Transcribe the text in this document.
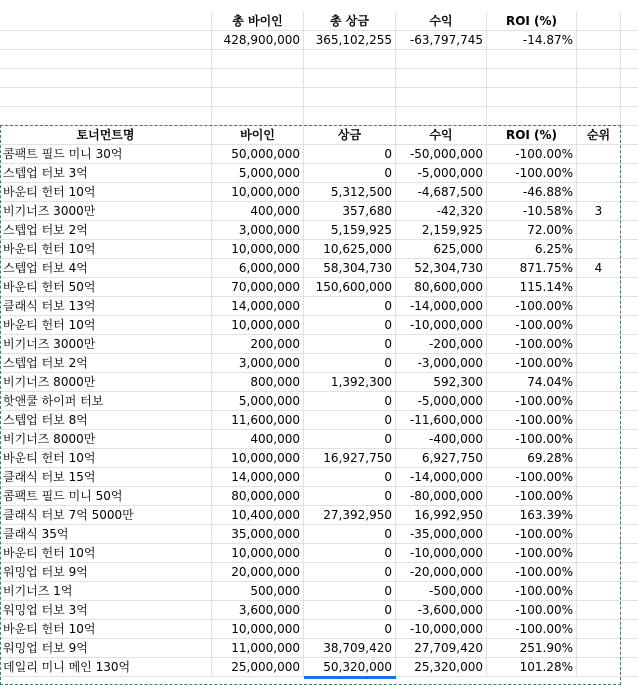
총 바이인	총 상금	수익	ROI (%)
428,900,000	365,102,255	-63,797,745	-14.87%
토너먼트명	바이인	상금	수익	ROI (%)	순위
콤팩트 필드 미니 30억	50,000,000	0	-50,000,000	-100.00%
스텝업 터보 3억	5,000,000	0	-5,000,000	-100.00%
바운티 헌터 10억	10,000,000	5,312,500	-4,687,500	-46.88%
비기너즈 3000만	400,000	357,680	-42,320	-10.58%	3
스텝업 터보 2억	3,000,000	5,159,925	2,159,925	72.00%
바운티 헌터 10억	10,000,000	10,625,000	625,000	6.25%
스텝업 터보 4억	6,000,000	58,304,730	52,304,730	871.75%	4
바운티 헌터 50억	70,000,000	150,600,000	80,600,000	115.14%
클래식 터보 13억	14,000,000	0	-14,000,000	-100.00%
바운티 헌터 10억	10,000,000	0	-10,000,000	-100.00%
비기너즈 3000만	200,000	0	-200,000	-100.00%
스텝업 터보 2억	3,000,000	0	-3,000,000	-100.00%
비기너즈 8000만	800,000	1,392,300	592,300	74.04%
핫앤쿨 하이퍼 터보	5,000,000	0	-5,000,000	-100.00%
스텝업 터보 8억	11,600,000	0	-11,600,000	-100.00%
비기너즈 8000만	400,000	0	-400,000	-100.00%
바운티 헌터 10억	10,000,000	16,927,750	6,927,750	69.28%
클래식 터보 15억	14,000,000	0	-14,000,000	-100.00%
콤팩트 필드 미니 50억	80,000,000	0	-80,000,000	-100.00%
클래식 터보 7억 5000만	10,400,000	27,392,950	16,992,950	163.39%
클래식 35억	35,000,000	0	-35,000,000	-100.00%
바운티 헌터 10억	10,000,000	0	-10,000,000	-100.00%
워밍업 터보 9억	20,000,000	0	-20,000,000	-100.00%
비기너즈 1억	500,000	0	-500,000	-100.00%
워밍업 터보 3억	3,600,000	0	-3,600,000	-100.00%
바운티 헌터 10억	10,000,000	0	-10,000,000	-100.00%
워밍업 터보 9억	11,000,000	38,709,420	27,709,420	251.90%
데일리 미니 메인 130억	25,000,000	50,320,000	25,320,000	101.28%
